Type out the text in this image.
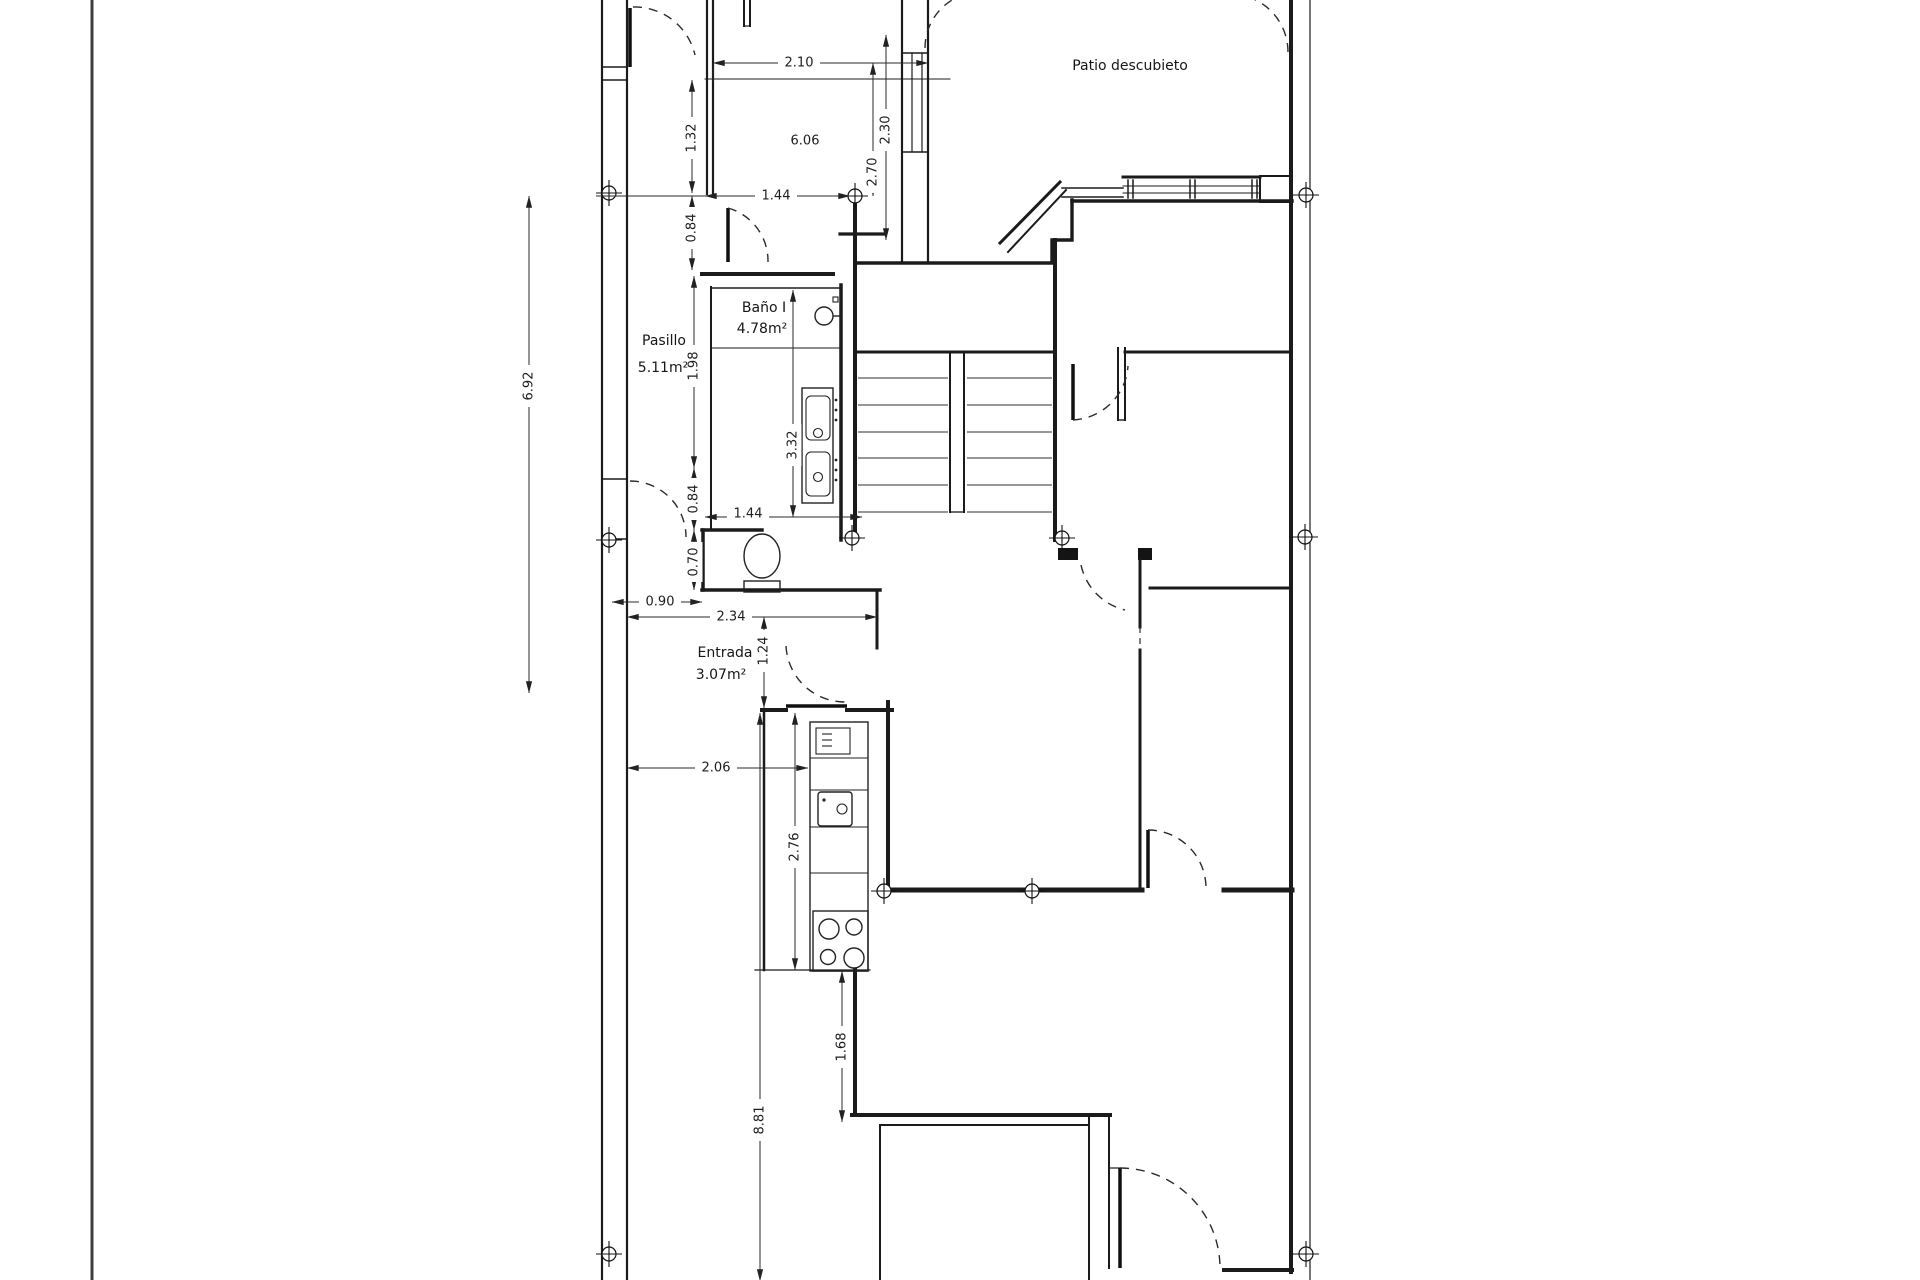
2.10
6.06
2.70
2.30
1.32
0.84
1.44
6.92
1.98
3.32
0.84
1.44
0.70
0.90
2.34
1.24
2.06
2.76
1.68
8.81
Patio descubieto
Pasillo
5.11m²
Baño I
4.78m²
Entrada
3.07m²
